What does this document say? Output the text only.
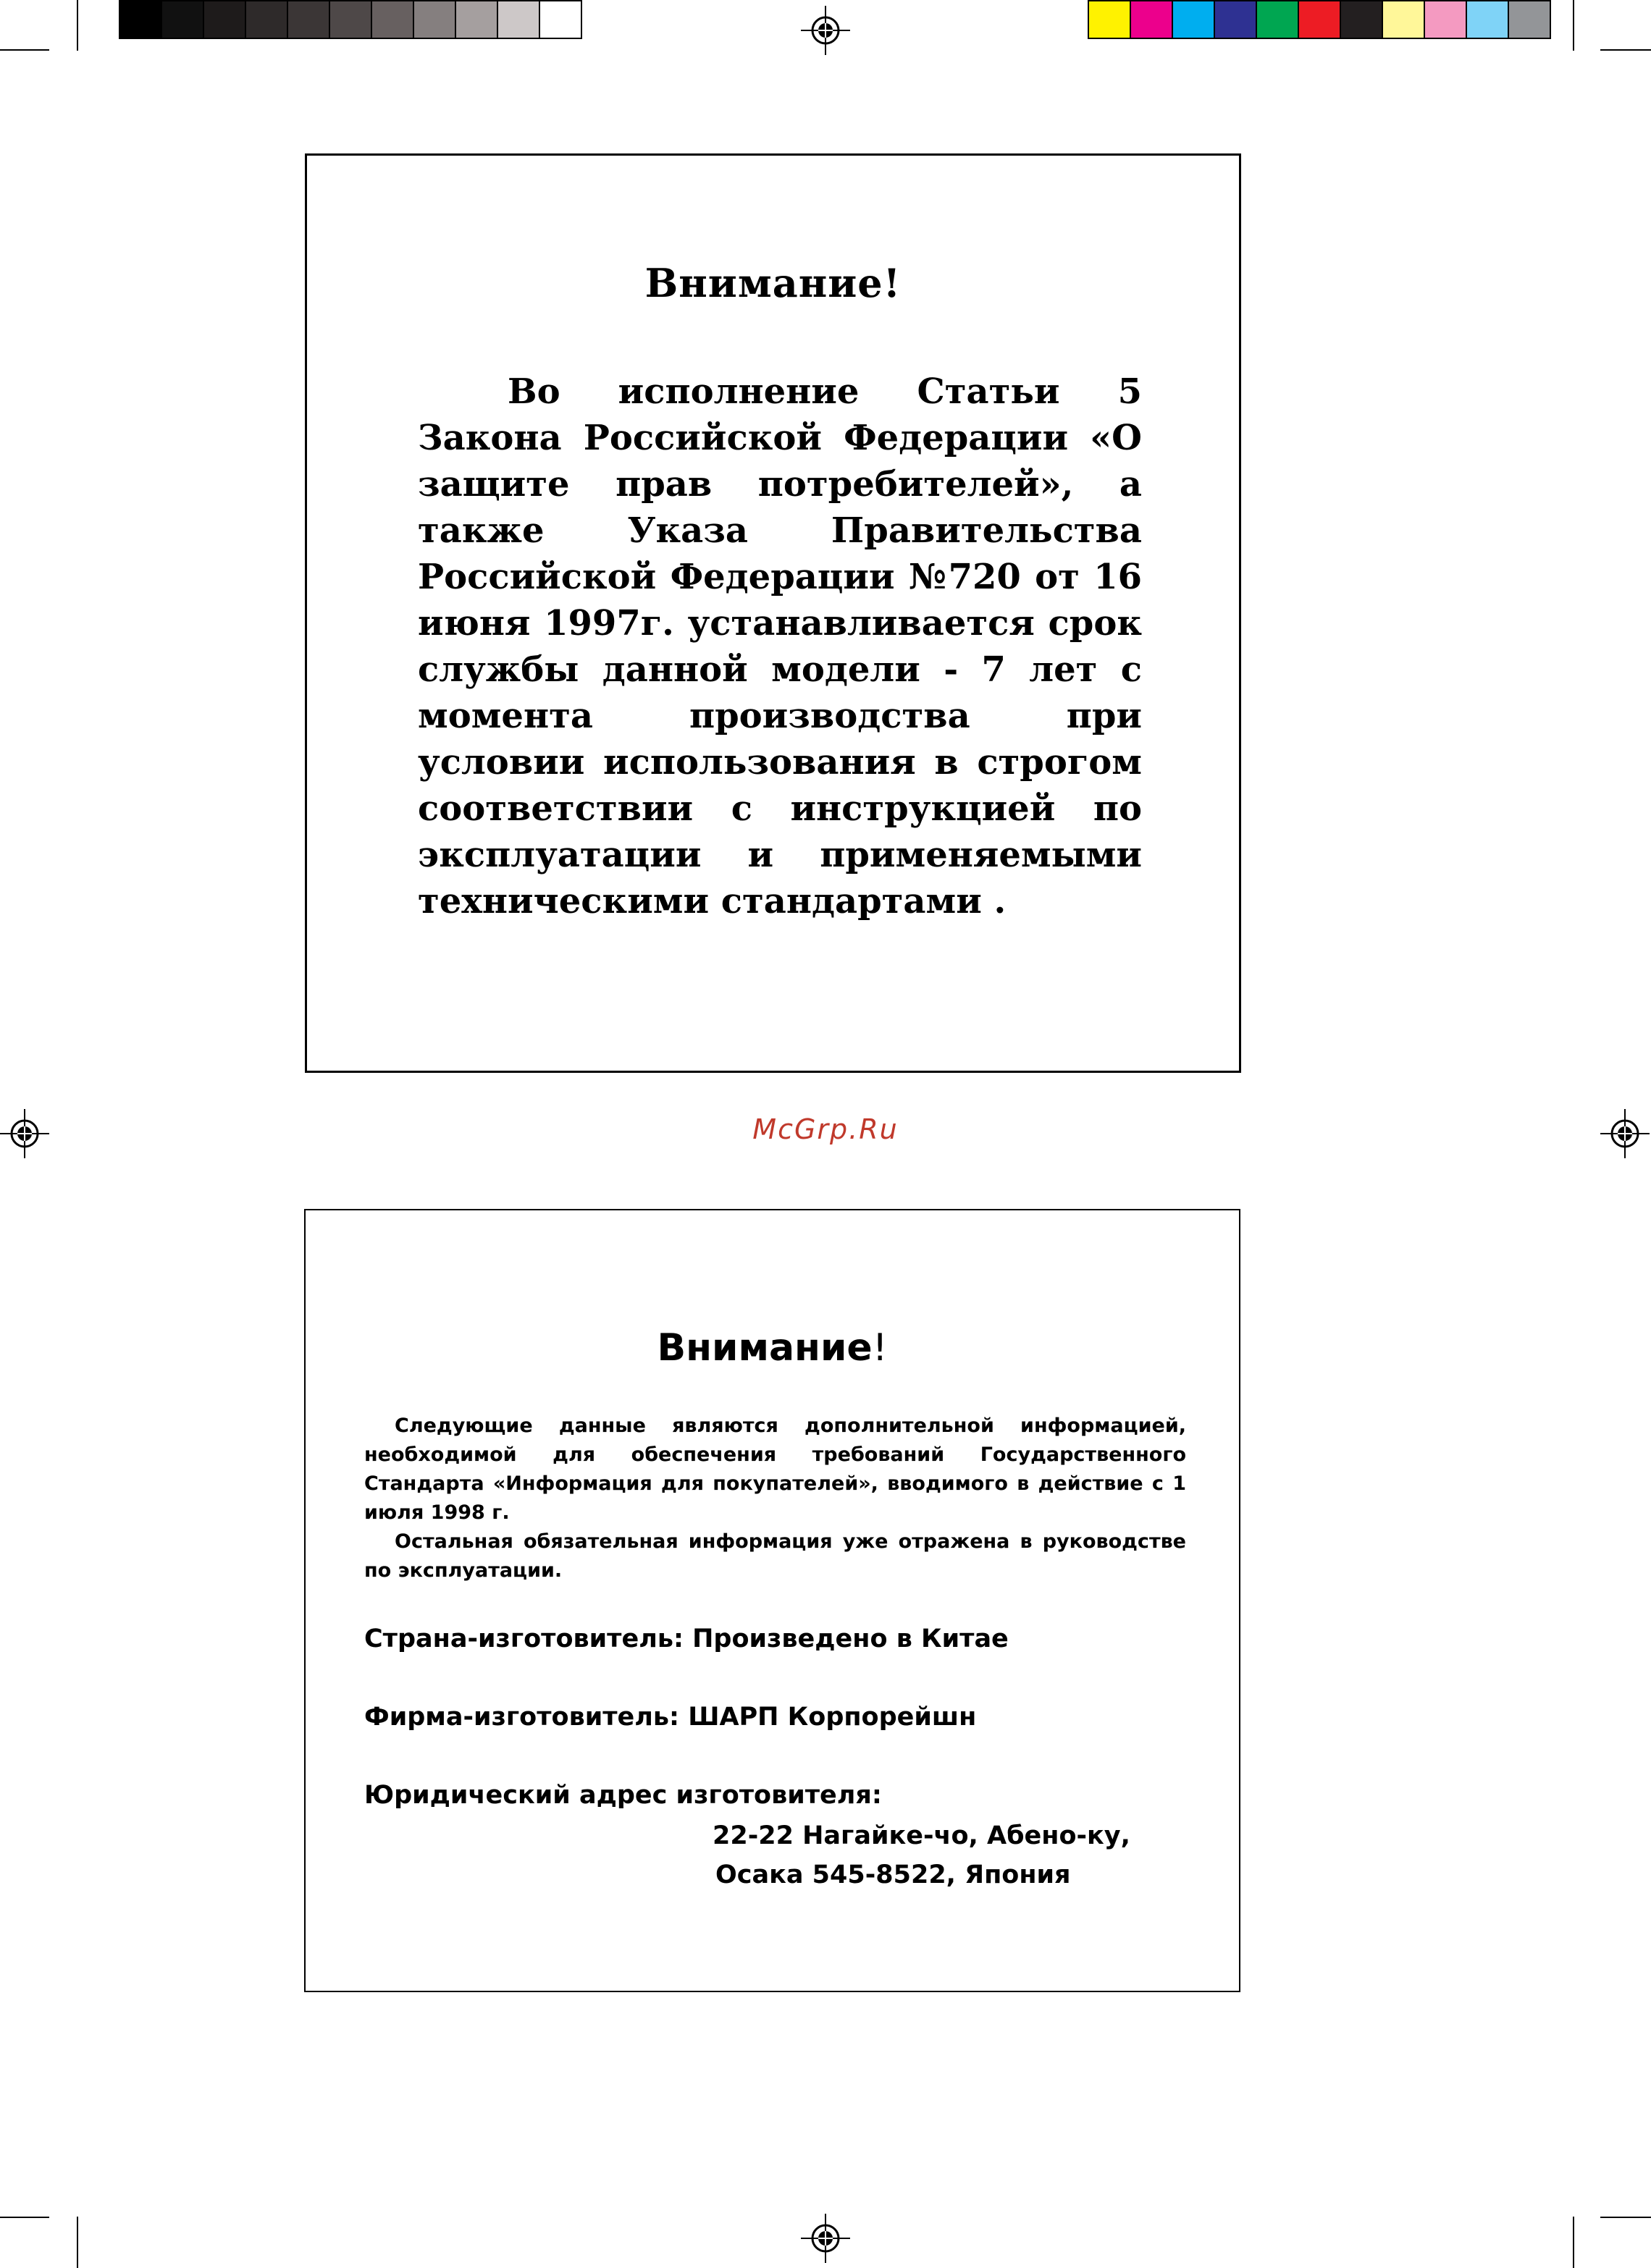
Внимание!
Во исполнение Статьи 5 Закона Российской Федерации «О защите прав потребителей», а также Указа Правительства Российской Федерации №720 от 16 июня 1997г. устанавливается срок службы данной модели - 7 лет с момента производства при условии использования в строгом соответствии с инструкцией по эксплуатации и применяемыми техническими стандартами .
McGrp.Ru
Внимание!

Следующие данные являются дополнительной информацией, необходимой для обеспечения требований Государственного Стандарта «Информация для покупателей», вводимого в действие с 1 июля 1998 г.

Остальная обязательная информация уже отражена в руководстве по эксплуатации.

Страна-изготовитель: Произведено в Китае
Фирма-изготовитель: ШАРП Корпорейшн
Юридический адрес изготовителя:
22-22 Нагайке-чо, Абено-ку,
Осака 545-8522, Япония
